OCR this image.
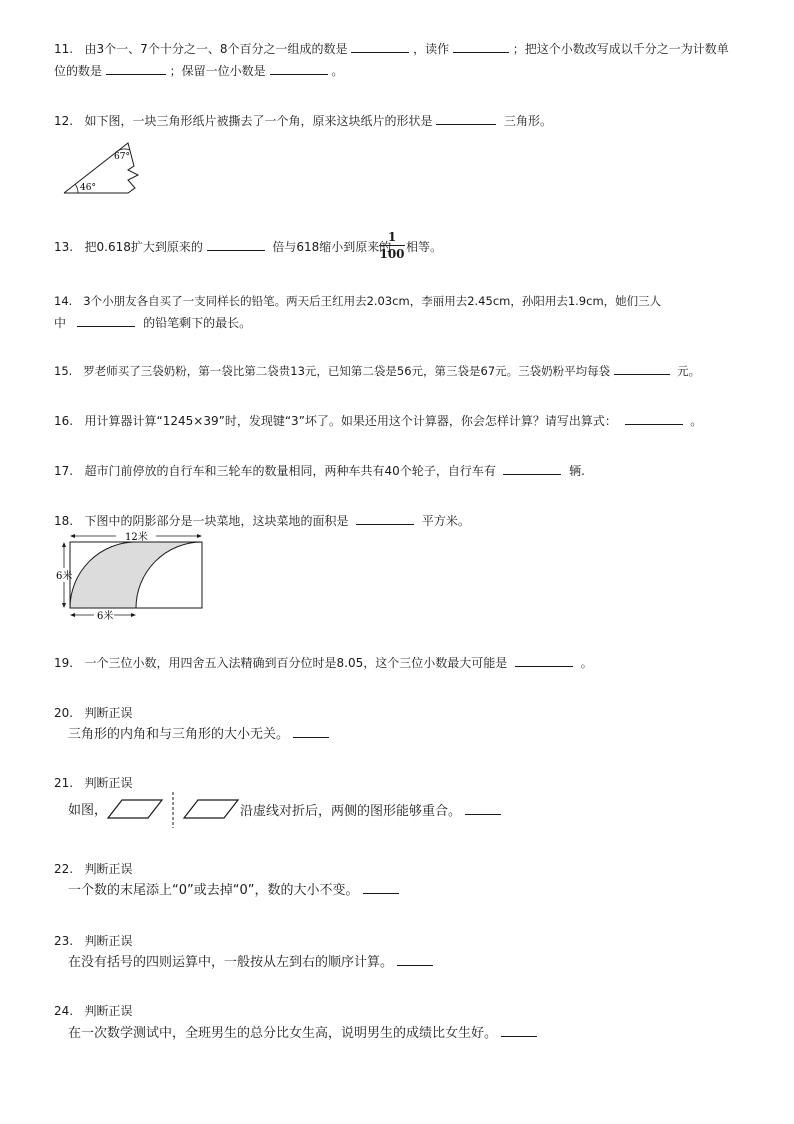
11. 由3个一、7个十分之一、8个百分之一组成的数是	，读作	；把这个小数改写成以千分之一为计数单
位的数是	；保留一位小数是	。
12. 如下图，一块三角形纸片被撕去了一个角，原来这块纸片的形状是	三角形。
67°
46°
13. 把0.618扩大到原来的	倍与618缩小到原来的
1
100 相等。
14. 3个小朋友各自买了一支同样长的铅笔。两天后王红用去2.03cm，李丽用去2.45cm，孙阳用去1.9cm，她们三人
中	的铅笔剩下的最长。
15. 罗老师买了三袋奶粉，第一袋比第二袋贵13元，已知第二袋是56元，第三袋是67元。三袋奶粉平均每袋	元。
16. 用计算器计算“1245×39”时，发现键“3”坏了。如果还用这个计算器，你会怎样计算？请写出算式：	。
17. 超市门前停放的自行车和三轮车的数量相同，两种车共有40个轮子，自行车有	辆.
18. 下图中的阴影部分是一块菜地，这块菜地的面积是	平方米。
12米
6米
6米
19. 一个三位小数，用四舍五入法精确到百分位时是8.05，这个三位小数最大可能是	。
20. 判断正误
三角形的内角和与三角形的大小无关。
21. 判断正误
如图，	沿虚线对折后，两侧的图形能够重合。
22. 判断正误
一个数的末尾添上“0”或去掉“0”，数的大小不变。
23. 判断正误
在没有括号的四则运算中，一般按从左到右的顺序计算。
24. 判断正误
在一次数学测试中，全班男生的总分比女生高，说明男生的成绩比女生好。
